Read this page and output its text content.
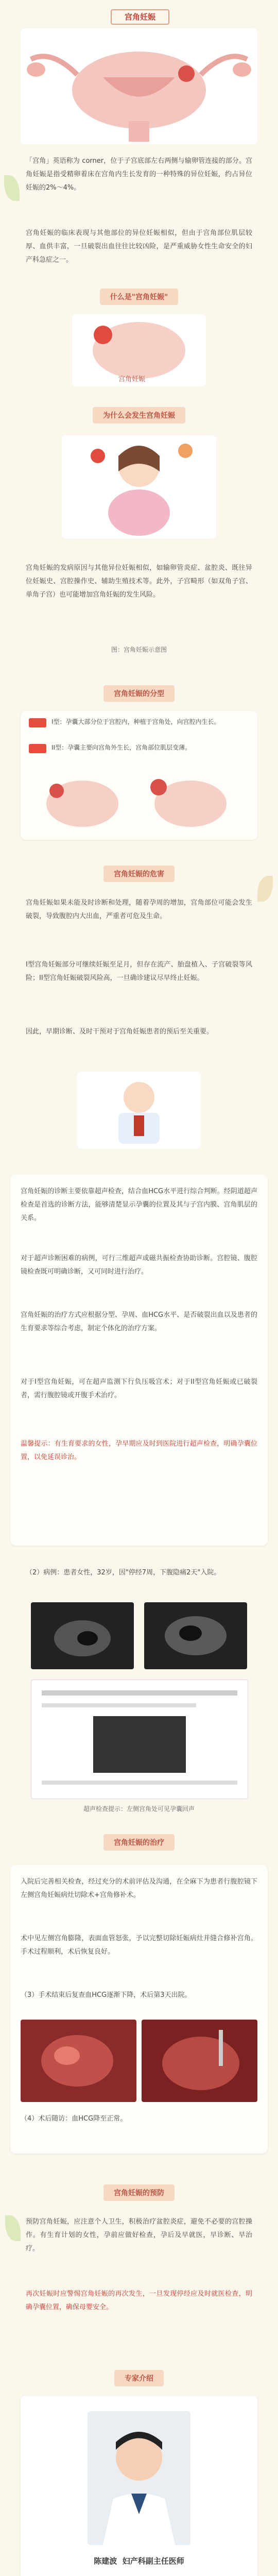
宫角妊娠
「宫角」英语称为 corner，位于子宫底部左右两侧与输卵管连接的部分。宫角妊娠是指受精卵着床在宫角内生长发育的一种特殊的异位妊娠，约占异位妊娠的2%～4%。
宫角妊娠的临床表现与其他部位的异位妊娠相似，但由于宫角部位肌层较厚、血供丰富，一旦破裂出血往往比较凶险，是严重威胁女性生命安全的妇产科急症之一。
什么是"宫角妊娠"
宫角妊娠
为什么会发生宫角妊娠
宫角妊娠的发病原因与其他异位妊娠相似，如输卵管炎症、盆腔炎、既往异位妊娠史、宫腔操作史、辅助生殖技术等。此外，子宫畸形（如双角子宫、单角子宫）也可能增加宫角妊娠的发生风险。
图：宫角妊娠示意图
宫角妊娠的分型
I型：孕囊大部分位于宫腔内，种植于宫角处，向宫腔内生长。
II型：孕囊主要向宫角外生长，宫角部位肌层变薄。
宫角妊娠的危害
宫角妊娠如果未能及时诊断和处理，随着孕周的增加，宫角部位可能会发生破裂，导致腹腔内大出血，严重者可危及生命。
I型宫角妊娠部分可继续妊娠至足月，但存在流产、胎盘植入、子宫破裂等风险；II型宫角妊娠破裂风险高，一旦确诊建议尽早终止妊娠。
因此，早期诊断、及时干预对于宫角妊娠患者的预后至关重要。
宫角妊娠的诊断主要依靠超声检查，结合血HCG水平进行综合判断。经阴道超声检查是首选的诊断方法，能够清楚显示孕囊的位置及其与子宫内膜、宫角肌层的关系。
对于超声诊断困难的病例，可行三维超声或磁共振检查协助诊断。宫腔镜、腹腔镜检查既可明确诊断，又可同时进行治疗。
宫角妊娠的治疗方式应根据分型、孕周、血HCG水平、是否破裂出血以及患者的生育要求等综合考虑，制定个体化的治疗方案。
对于I型宫角妊娠，可在超声监测下行负压吸宫术；对于II型宫角妊娠或已破裂者，需行腹腔镜或开腹手术治疗。
温馨提示：有生育要求的女性，孕早期应及时到医院进行超声检查，明确孕囊位置，以免延误诊治。
（2）病例：患者女性，32岁，因"停经7周，下腹隐痛2天"入院。
超声检查提示：左侧宫角处可见孕囊回声
宫角妊娠的治疗
入院后完善相关检查，经过充分的术前评估及沟通，在全麻下为患者行腹腔镜下左侧宫角妊娠病灶切除术+宫角修补术。
术中见左侧宫角膨隆，表面血管怒张，予以完整切除妊娠病灶并缝合修补宫角。手术过程顺利，术后恢复良好。
（3）手术结束后复查血HCG逐渐下降，术后第3天出院。
（4）术后随访：血HCG降至正常。
宫角妊娠的预防
预防宫角妊娠，应注意个人卫生，积极治疗盆腔炎症，避免不必要的宫腔操作。有生育计划的女性，孕前应做好检查，孕后及早就医，早诊断、早治疗。
再次妊娠时应警惕宫角妊娠的再次发生，一旦发现停经应及时就医检查，明确孕囊位置，确保母婴安全。
专家介绍
陈建波 妇产科副主任医师
